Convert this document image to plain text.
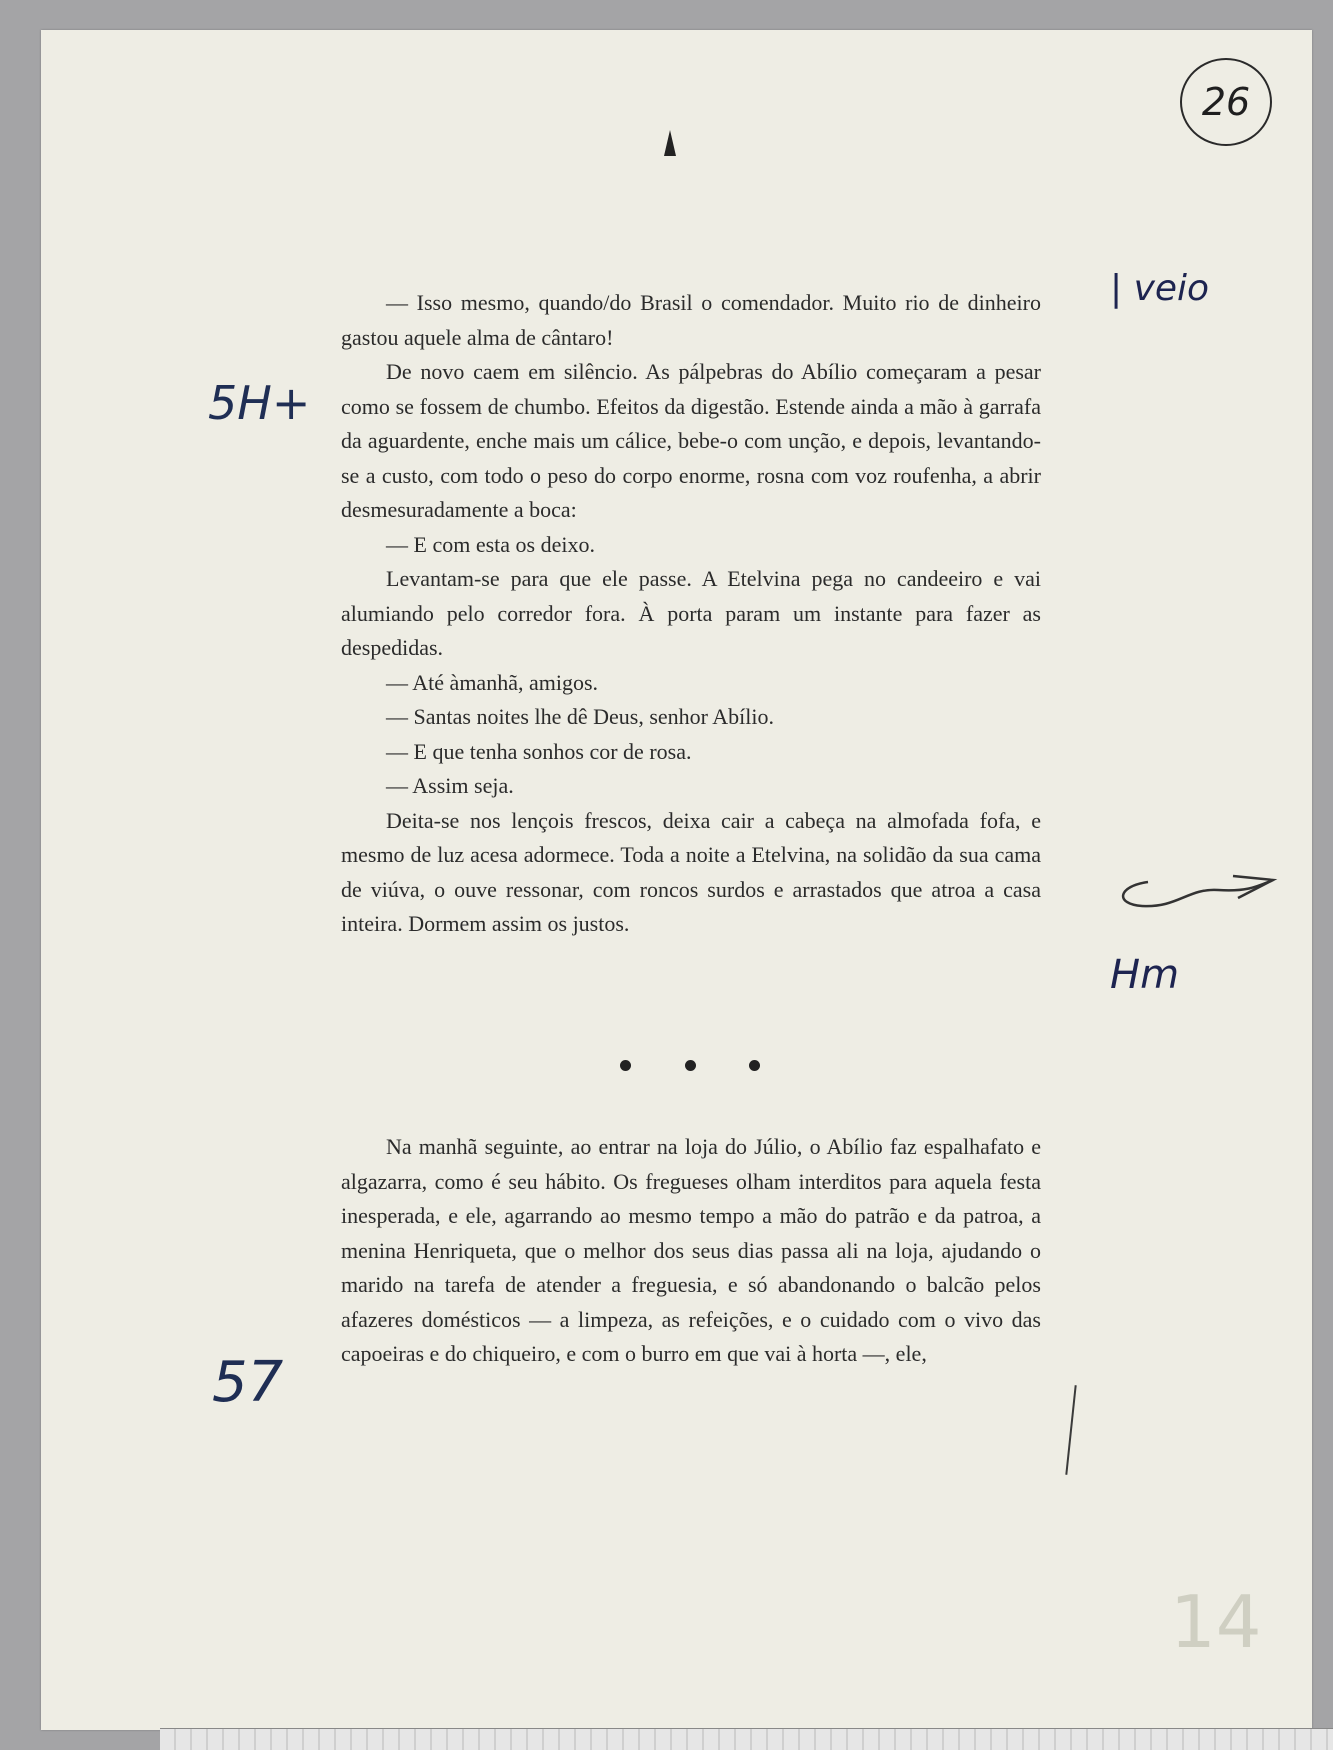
26
| veio
5H+
Hm
57
14

— Isso mesmo, quando/do Brasil o comendador. Muito rio de dinheiro gastou aquele alma de cântaro!

De novo caem em silêncio. As pálpebras do Abílio começaram a pesar como se fossem de chumbo. Efeitos da digestão. Estende ainda a mão à garrafa da aguardente, enche mais um cálice, bebe-o com unção, e depois, levantando-se a custo, com todo o peso do corpo enorme, rosna com voz roufenha, a abrir desmesuradamente a boca:

— E com esta os deixo.

Levantam-se para que ele passe. A Etelvina pega no candeeiro e vai alumiando pelo corredor fora. À porta param um instante para fazer as despedidas.

— Até àmanhã, amigos.

— Santas noites lhe dê Deus, senhor Abílio.

— E que tenha sonhos cor de rosa.

— Assim seja.

Deita-se nos lençois frescos, deixa cair a cabeça na almofada fofa, e mesmo de luz acesa adormece. Toda a noite a Etelvina, na solidão da sua cama de viúva, o ouve ressonar, com roncos surdos e arrastados que atroa a casa inteira. Dormem assim os justos.

Na manhã seguinte, ao entrar na loja do Júlio, o Abílio faz espalhafato e algazarra, como é seu hábito. Os fregueses olham interditos para aquela festa inesperada, e ele, agarrando ao mesmo tempo a mão do patrão e da patroa, a menina Henriqueta, que o melhor dos seus dias passa ali na loja, ajudando o marido na tarefa de atender a freguesia, e só abandonando o balcão pelos afazeres domésticos — a limpeza, as refeições, e o cuidado com o vivo das capoeiras e do chiqueiro, e com o burro em que vai à horta —, ele,
